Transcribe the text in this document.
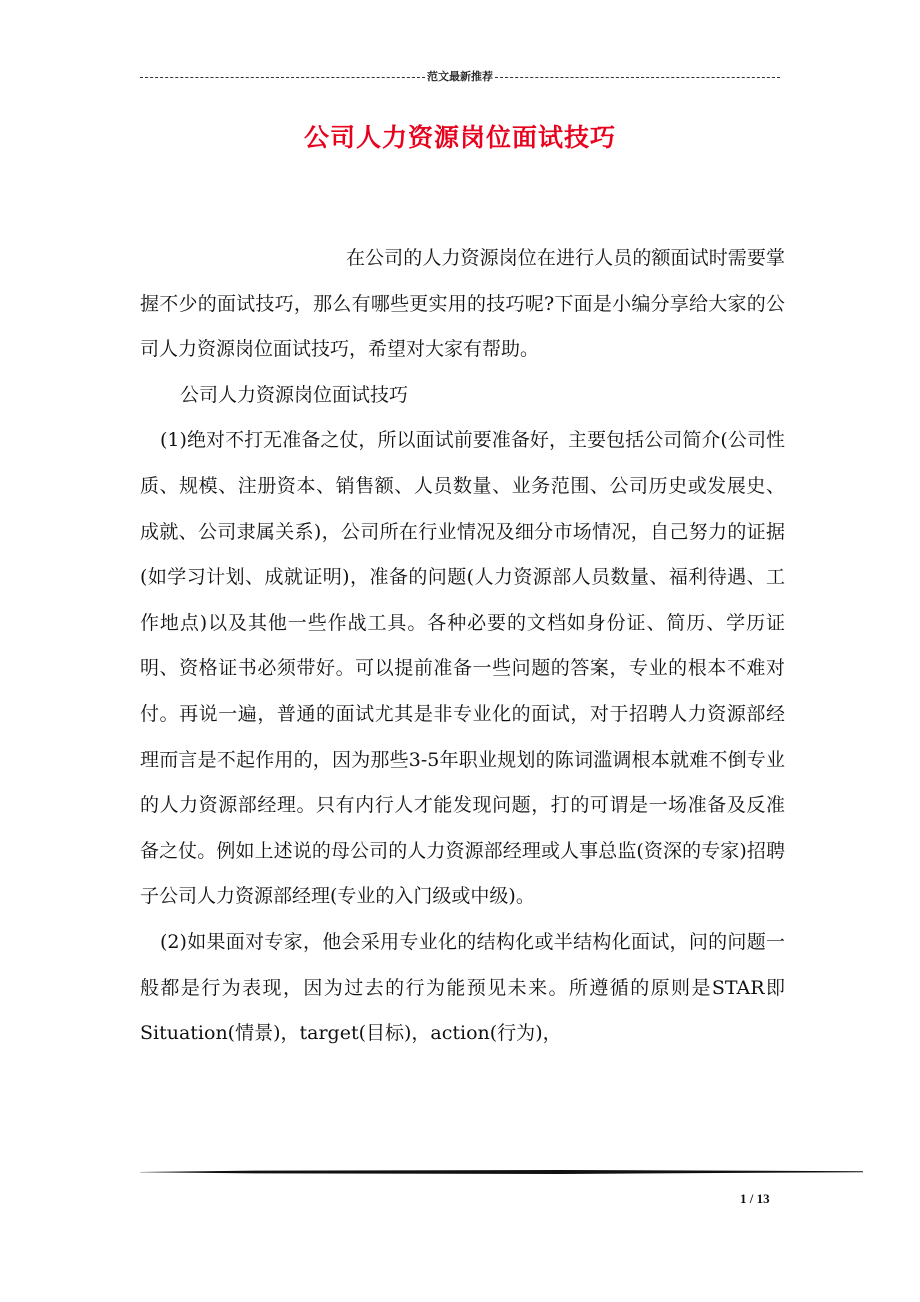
范文最新推荐
公司人力资源岗位面试技巧

在公司的人力资源岗位在进行人员的额面试时需要掌握不少的面试技巧，那么有哪些更实用的技巧呢?下面是小编分享给大家的公司人力资源岗位面试技巧，希望对大家有帮助。

公司人力资源岗位面试技巧

(1)绝对不打无准备之仗，所以面试前要准备好，主要包括公司简介(公司性质、规模、注册资本、销售额、人员数量、业务范围、公司历史或发展史、成就、公司隶属关系)，公司所在行业情况及细分市场情况，自己努力的证据(如学习计划、成就证明)，准备的问题(人力资源部人员数量、福利待遇、工作地点)以及其他一些作战工具。各种必要的文档如身份证、简历、学历证明、资格证书必须带好。可以提前准备一些问题的答案，专业的根本不难对付。再说一遍，普通的面试尤其是非专业化的面试，对于招聘人力资源部经理而言是不起作用的，因为那些3-5年职业规划的陈词滥调根本就难不倒专业的人力资源部经理。只有内行人才能发现问题，打的可谓是一场准备及反准备之仗。例如上述说的母公司的人力资源部经理或人事总监(资深的专家)招聘子公司人力资源部经理(专业的入门级或中级)。

(2)如果面对专家，他会采用专业化的结构化或半结构化面试，问的问题一般都是行为表现，因为过去的行为能预见未来。所遵循的原则是STAR即Situation(情景)，target(目标)，action(行为)，

1 / 13
